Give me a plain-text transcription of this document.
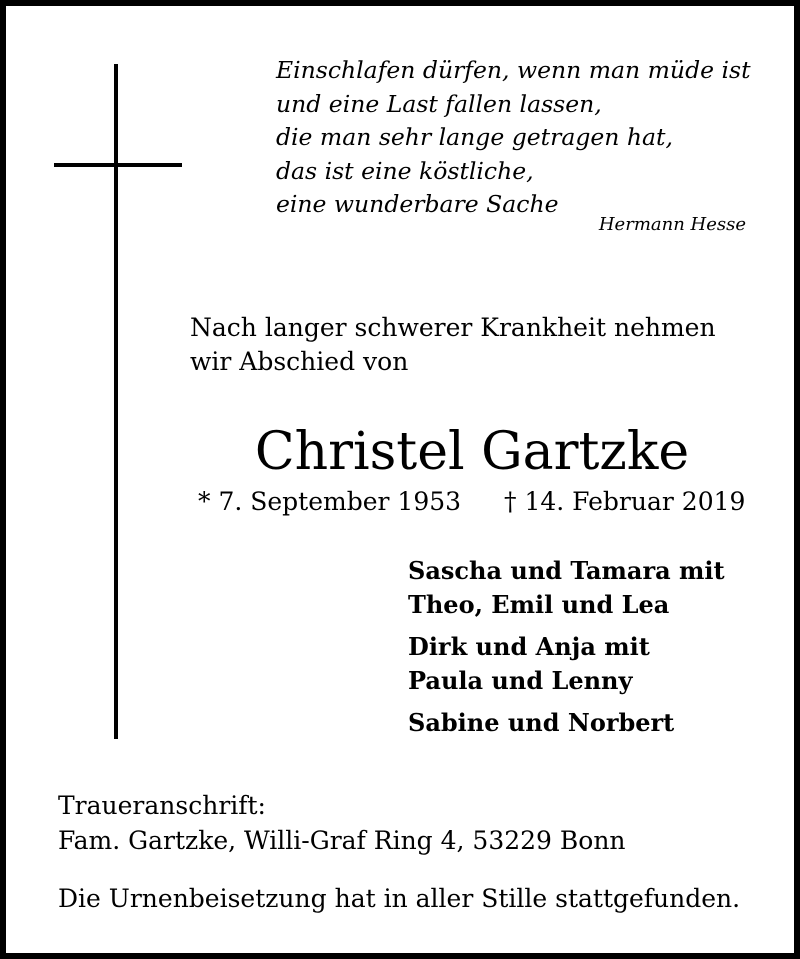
Einschlafen dürfen, wenn man müde ist
und eine Last fallen lassen,
die man sehr lange getragen hat,
das ist eine köstliche,
eine wunderbare Sache
Hermann Hesse
Nach langer schwerer Krankheit nehmen
wir Abschied von
Christel Gartzke
* 7. September 1953 † 14. Februar 2019
Sascha und Tamara mit
Theo, Emil und Lea
Dirk und Anja mit
Paula und Lenny
Sabine und Norbert
Traueranschrift:
Fam. Gartzke, Willi-Graf Ring 4, 53229 Bonn
Die Urnenbeisetzung hat in aller Stille stattgefunden.
